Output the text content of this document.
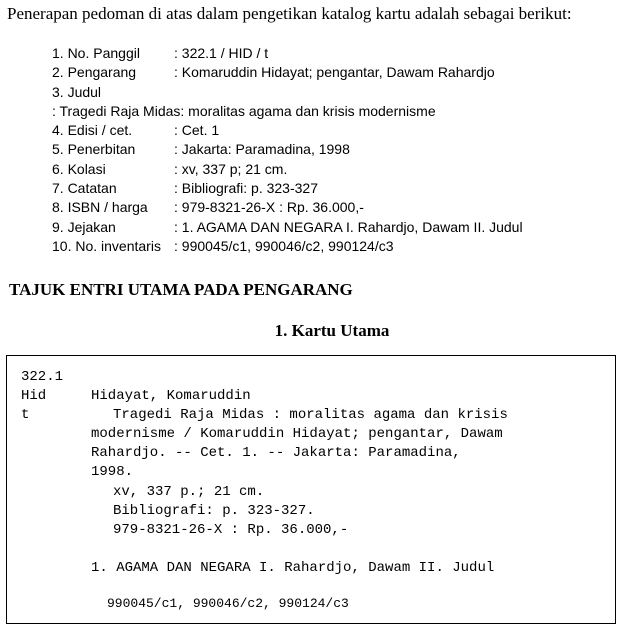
Penerapan pedoman di atas dalam pengetikan katalog kartu adalah sebagai berikut:
1. No. Panggil : 322.1 / HID / t
2. Pengarang	: Komaruddin Hidayat; pengantar, Dawam Rahardjo
3. Judul
: Tragedi Raja Midas: moralitas agama dan krisis modernisme
4. Edisi / cet.	: Cet. 1
5. Penerbitan	: Jakarta: Paramadina, 1998
6. Kolasi	: xv, 337 p; 21 cm.
7. Catatan	: Bibliografi: p. 323-327
8. ISBN / harga : 979-8321-26-X : Rp. 36.000,-
9. Jejakan	: 1. AGAMA DAN NEGARA I. Rahardjo, Dawam II. Judul
10. No. inventaris : 990045/c1, 990046/c2, 990124/c3
TAJUK ENTRI UTAMA PADA PENGARANG
1. Kartu Utama
322.1
Hid
t
Hidayat, Komaruddin
Tragedi Raja Midas : moralitas agama dan krisis
modernisme / Komaruddin Hidayat; pengantar, Dawam
Rahardjo. -- Cet. 1. -- Jakarta: Paramadina,
1998.
xv, 337 p.; 21 cm.
Bibliografi: p. 323-327.
979-8321-26-X : Rp. 36.000,-
1. AGAMA DAN NEGARA I. Rahardjo, Dawam II. Judul
990045/c1, 990046/c2, 990124/c3
